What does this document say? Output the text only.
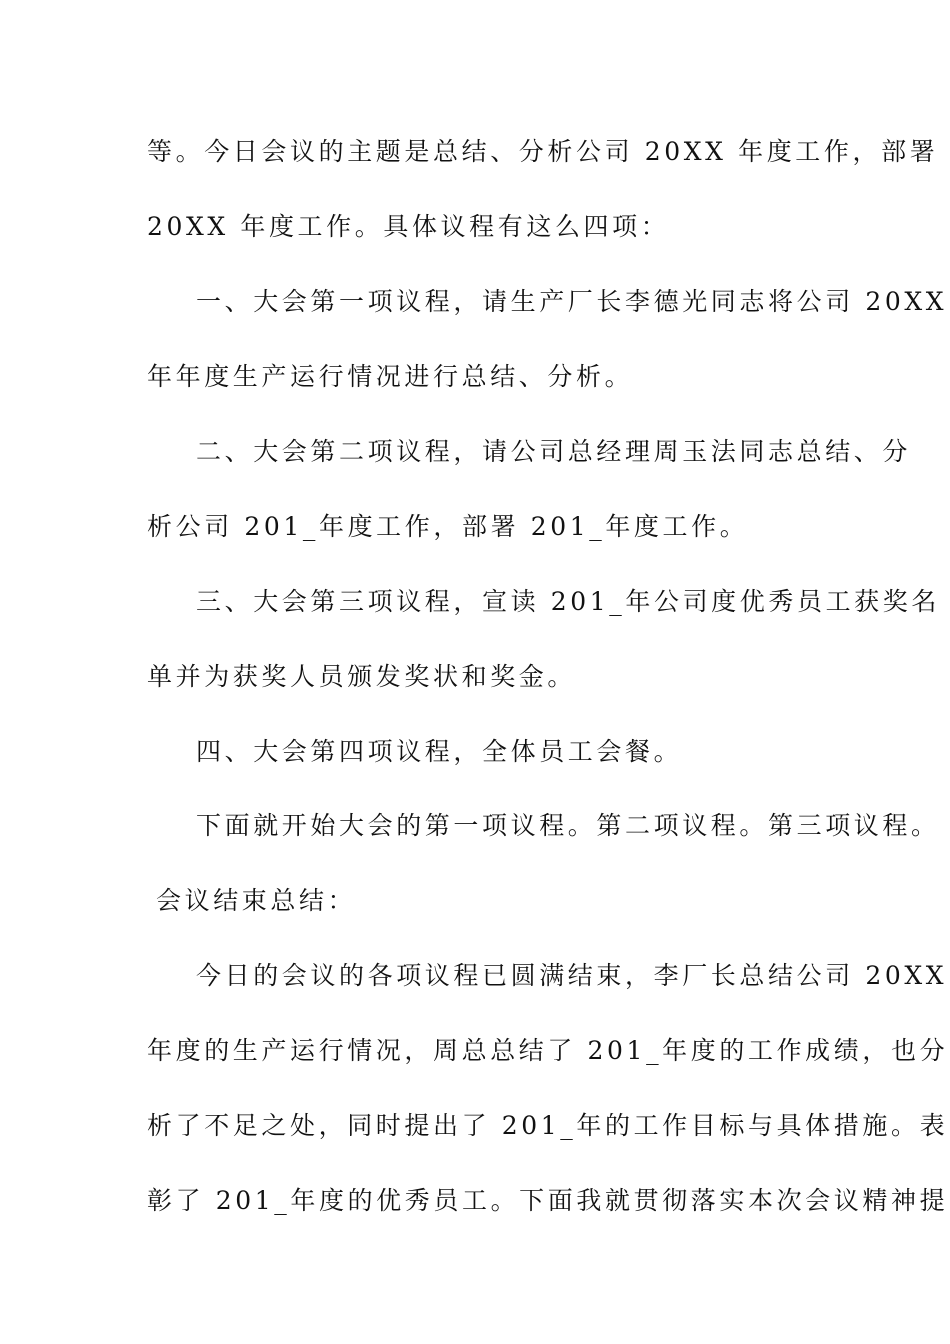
等。今日会议的主题是总结、分析公司 20XX 年度工作，部署
20XX 年度工作。具体议程有这么四项：
一、大会第一项议程，请生产厂长李德光同志将公司 20XX
年年度生产运行情况进行总结、分析。
二、大会第二项议程，请公司总经理周玉法同志总结、分
析公司 201_年度工作，部署 201_年度工作。
三、大会第三项议程，宣读 201_年公司度优秀员工获奖名
单并为获奖人员颁发奖状和奖金。
四、大会第四项议程，全体员工会餐。
下面就开始大会的第一项议程。第二项议程。第三项议程。
会议结束总结：
今日的会议的各项议程已圆满结束，李厂长总结公司 20XX
年度的生产运行情况，周总总结了 201_年度的工作成绩，也分
析了不足之处，同时提出了 201_年的工作目标与具体措施。表
彰了 201_年度的优秀员工。下面我就贯彻落实本次会议精神提
